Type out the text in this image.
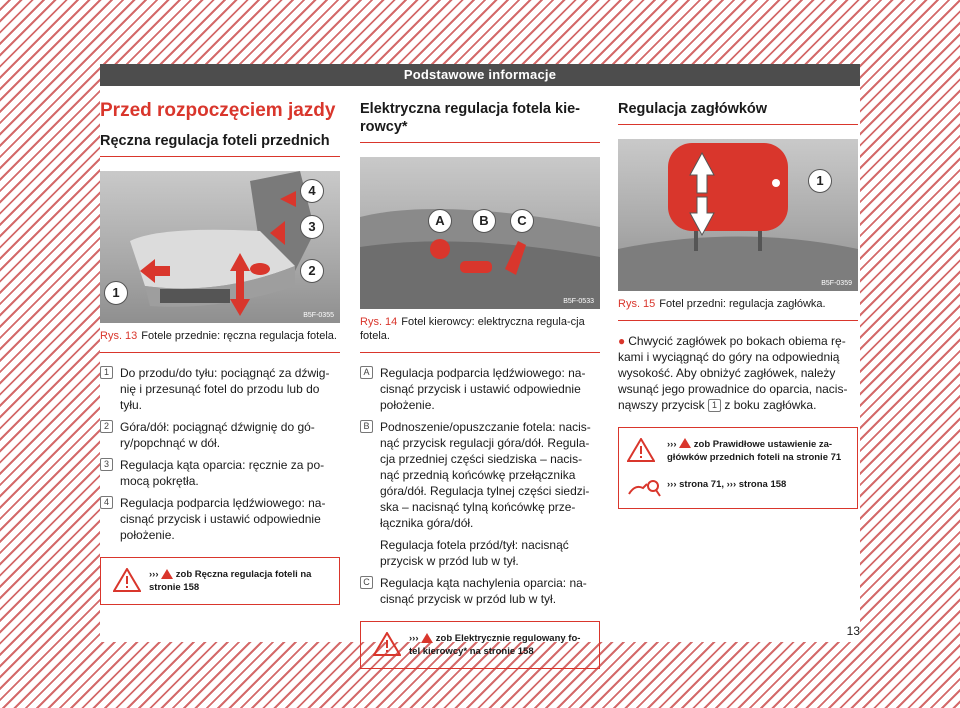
Podstawowe informacje
Przed rozpoczęciem jazdy
Ręczna regulacja foteli przednich
4
3
2
1
B5F-0355
Rys. 13 Fotele przednie: ręczna regulacja fotela.
1 Do przodu/do tyłu: pociągnąć za dźwig-nię i przesunąć fotel do przodu lub do tyłu.
2 Góra/dół: pociągnąć dźwignię do gó-ry/popchnąć w dół.
3 Regulacja kąta oparcia: ręcznie za po-mocą pokrętła.
4 Regulacja podparcia lędźwiowego: na-cisnąć przycisk i ustawić odpowiednie położenie.
››› zob Ręczna regulacja foteli na stronie 158
Elektryczna regulacja fotela kie-rowcy*
A	B	C
B5F-0533
Rys. 14 Fotel kierowcy: elektryczna regula-cja fotela.
A Regulacja podparcia lędźwiowego: na-cisnąć przycisk i ustawić odpowiednie położenie.
B Podnoszenie/opuszczanie fotela: nacis-nąć przycisk regulacji góra/dół. Regula-cja przedniej części siedziska – nacis-nąć przednią końcówkę przełącznika góra/dół. Regulacja tylnej części siedzi-ska – nacisnąć tylną końcówkę prze-łącznika góra/dół.
Regulacja fotela przód/tył: nacisnąć przycisk w przód lub w tył.
C Regulacja kąta nachylenia oparcia: na-cisnąć przycisk w przód lub w tył.
››› zob Elektrycznie regulowany fo-tel kierowcy* na stronie 158
Regulacja zagłówków
1
B5F-0359
Rys. 15 Fotel przedni: regulacja zagłówka.
● Chwycić zagłówek po bokach obiema rę-kami i wyciągnąć do góry na odpowiednią wysokość. Aby obniżyć zagłówek, należy wsunąć jego prowadnice do oparcia, nacis-nąwszy przycisk 1 z boku zagłówka.
››› zob Prawidłowe ustawienie za-główków przednich foteli na stronie 71
››› strona 71, ››› strona 158
13
